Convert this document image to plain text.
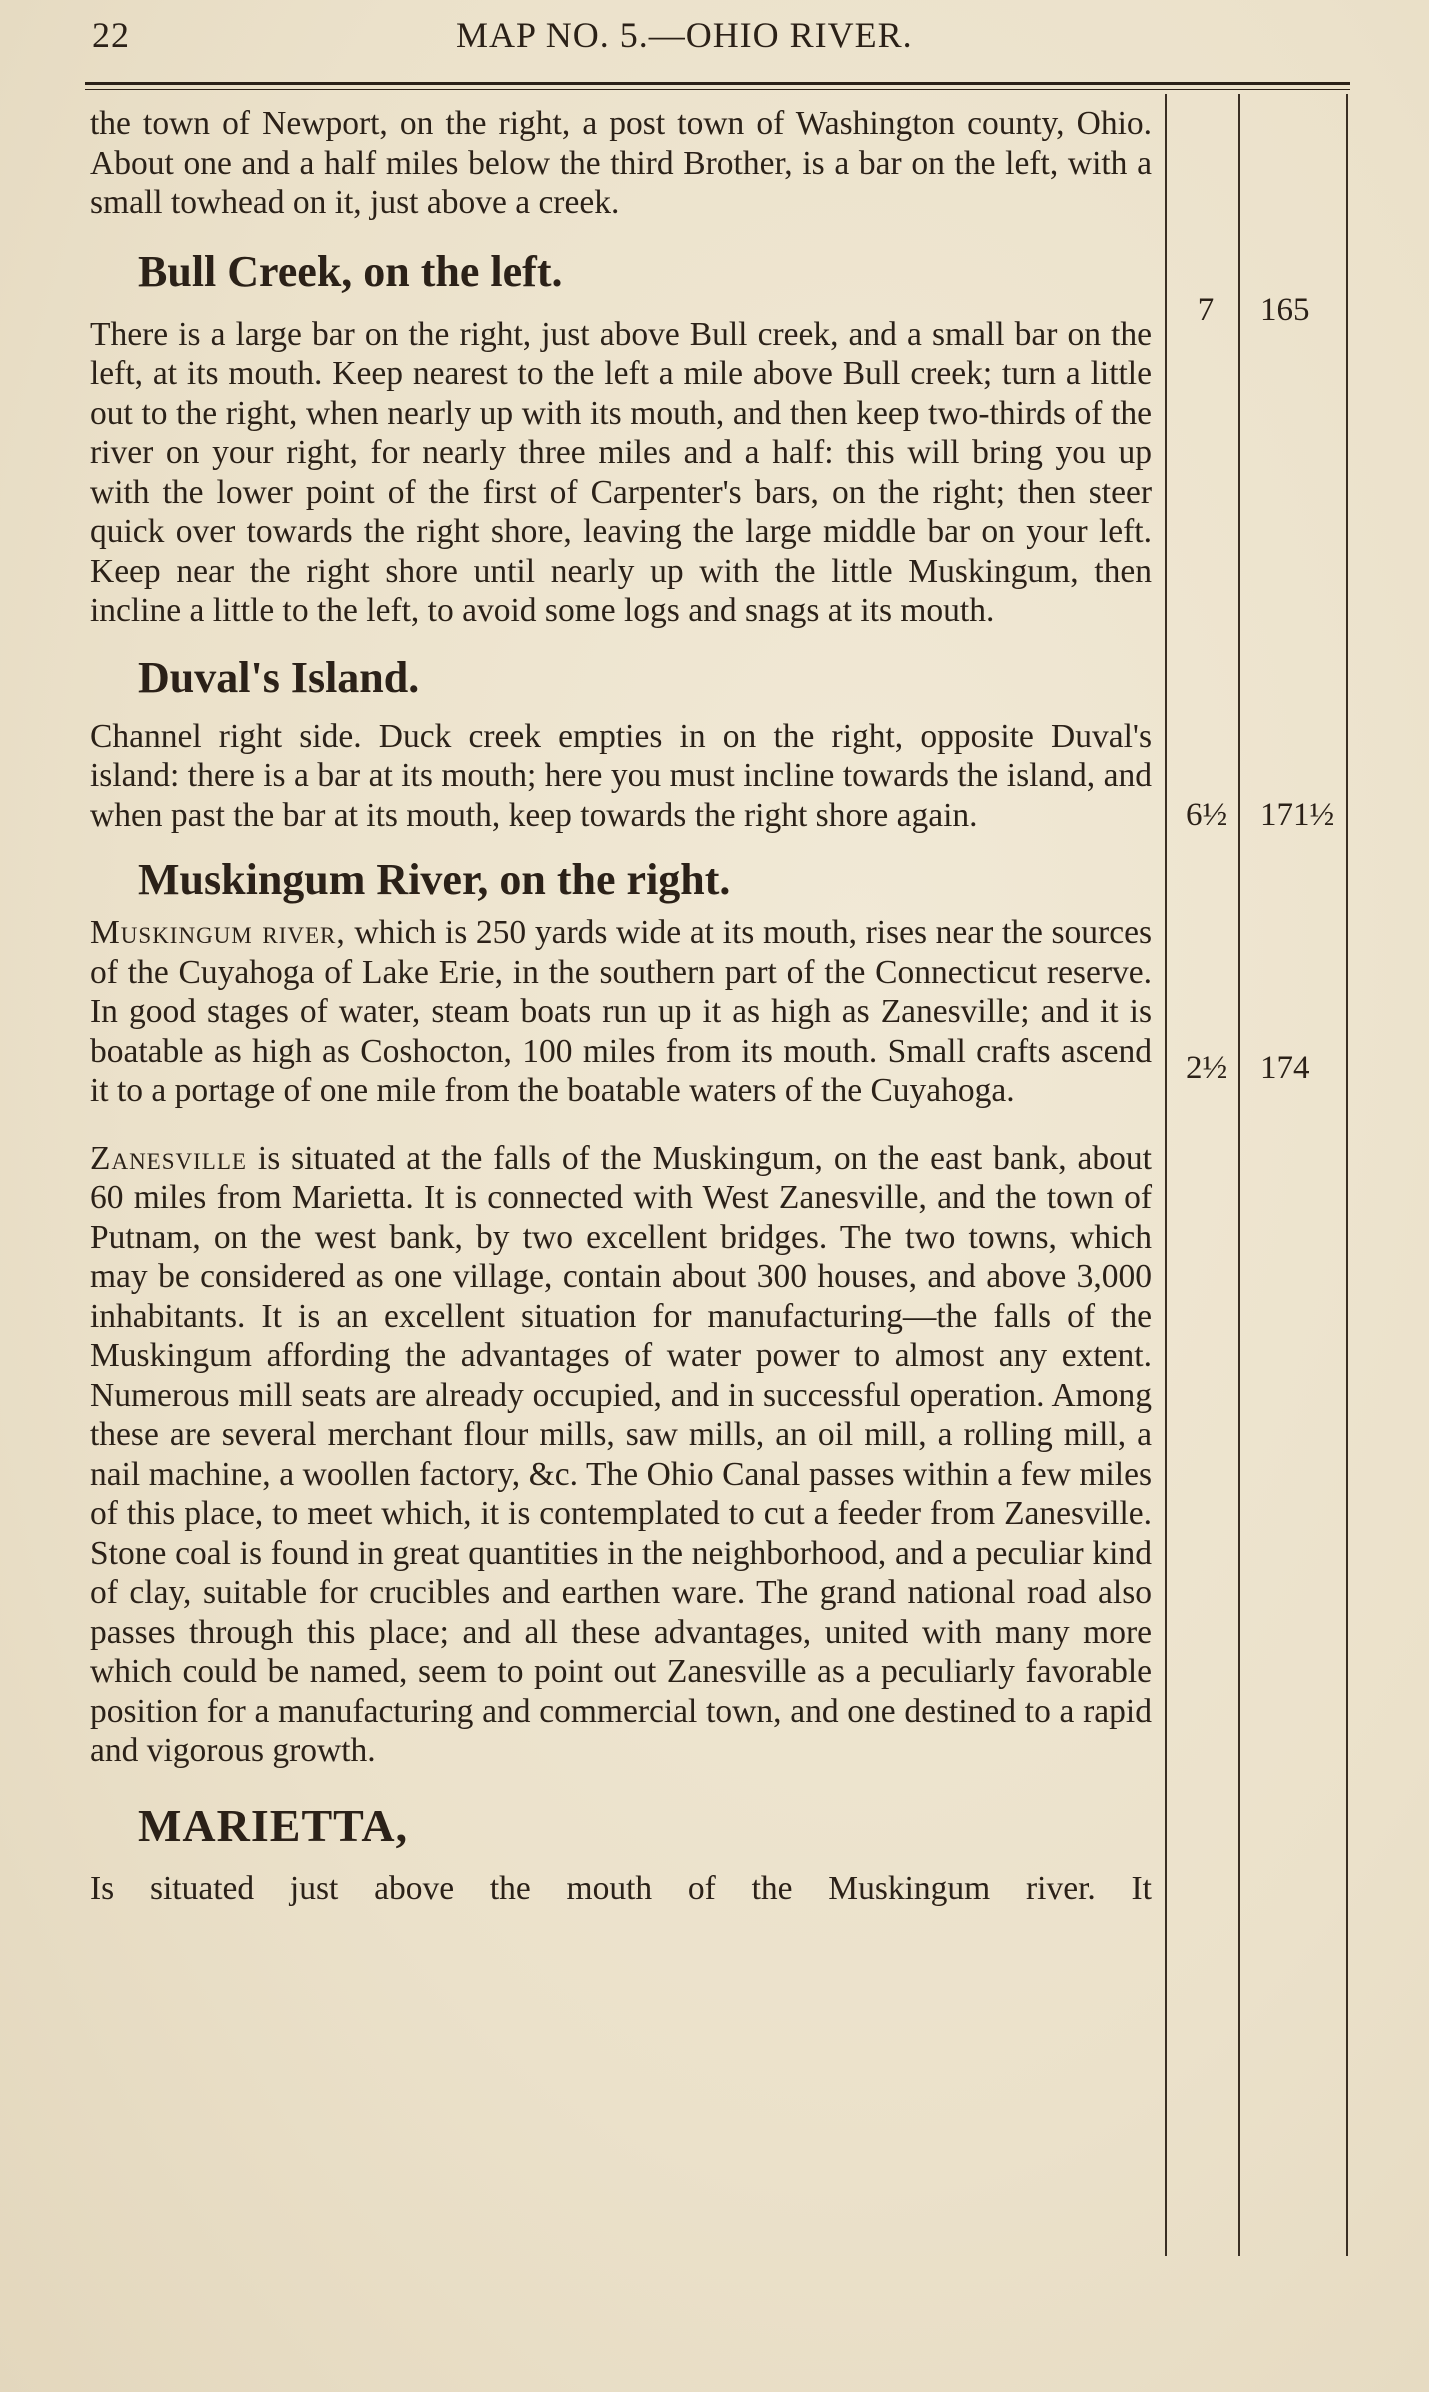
22	MAP NO. 5.—OHIO RIVER.

the town of Newport, on the right, a post town of Washington county, Ohio. About one and a half miles below the third Brother, is a bar on the left, with a small towhead on it, just above a creek.

Bull Creek, on the left.

There is a large bar on the right, just above Bull creek, and a small bar on the left, at its mouth. Keep nearest to the left a mile above Bull creek; turn a little out to the right, when nearly up with its mouth, and then keep two-thirds of the river on your right, for nearly three miles and a half: this will bring you up with the lower point of the first of Carpenter's bars, on the right; then steer quick over towards the right shore, leaving the large middle bar on your left. Keep near the right shore until nearly up with the little Muskingum, then incline a little to the left, to avoid some logs and snags at its mouth.

Duval's Island.

Channel right side. Duck creek empties in on the right, opposite Duval's island: there is a bar at its mouth; here you must incline towards the island, and when past the bar at its mouth, keep towards the right shore again.

Muskingum River, on the right.

Muskingum river, which is 250 yards wide at its mouth, rises near the sources of the Cuyahoga of Lake Erie, in the southern part of the Connecticut reserve. In good stages of water, steam boats run up it as high as Zanesville; and it is boatable as high as Coshocton, 100 miles from its mouth. Small crafts ascend it to a portage of one mile from the boatable waters of the Cuyahoga.

Zanesville is situated at the falls of the Muskingum, on the east bank, about 60 miles from Marietta. It is connected with West Zanesville, and the town of Putnam, on the west bank, by two excellent bridges. The two towns, which may be considered as one village, contain about 300 houses, and above 3,000 inhabitants. It is an excellent situation for manufacturing—the falls of the Muskingum affording the advantages of water power to almost any extent. Numerous mill seats are already occupied, and in successful operation. Among these are several merchant flour mills, saw mills, an oil mill, a rolling mill, a nail machine, a woollen factory, &c. The Ohio Canal passes within a few miles of this place, to meet which, it is contemplated to cut a feeder from Zanesville. Stone coal is found in great quantities in the neighborhood, and a peculiar kind of clay, suitable for crucibles and earthen ware. The grand national road also passes through this place; and all these advantages, united with many more which could be named, seem to point out Zanesville as a peculiarly favorable position for a manufacturing and commercial town, and one destined to a rapid and vigorous growth.

MARIETTA,

Is situated just above the mouth of the Muskingum river. It

7	165
6½ 171½
2½ 174
